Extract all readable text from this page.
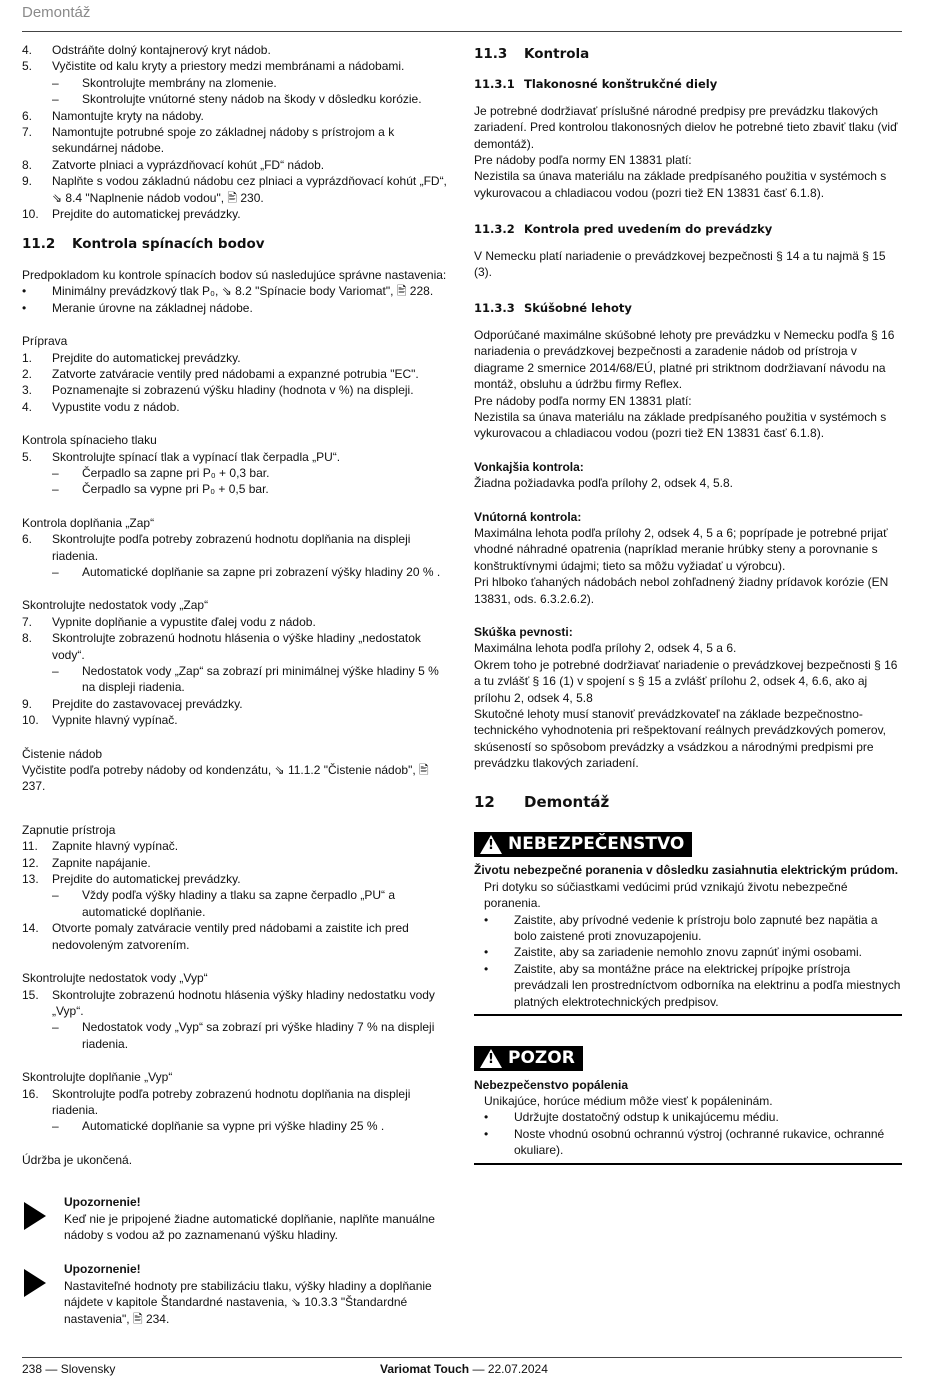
Demontáž
4.	Odstráňte dolný kontajnerový kryt nádob.
5.	Vyčistite od kalu kryty a priestory medzi membránami a nádobami.
–	Skontrolujte membrány na zlomenie.
–	Skontrolujte vnútorné steny nádob na škody v dôsledku korózie.
6.	Namontujte kryty na nádoby.
7.	Namontujte potrubné spoje zo základnej nádoby s prístrojom a k sekundárnej nádobe.
8.	Zatvorte plniaci a vyprázdňovací kohút „FD“ nádob.
9.	Naplňte s vodou základnú nádobu cez plniaci a vyprázdňovací kohút „FD“, ⇘ 8.4 "Naplnenie nádob vodou", 🖹 230.
10.	Prejdite do automatickej prevádzky.
11.2 Kontrola spínacích bodov

Predpokladom ku kontrole spínacích bodov sú nasledujúce správne nastavenia:

• Minimálny prevádzkový tlak P₀, ⇘ 8.2 "Spínacie body Variomat", 🖹 228.
• Meranie úrovne na základnej nádobe.

Príprava

1.	Prejdite do automatickej prevádzky.
2.	Zatvorte zatváracie ventily pred nádobami a expanzné potrubia "EC".
3.	Poznamenajte si zobrazenú výšku hladiny (hodnota v %) na displeji.
4.	Vypustite vodu z nádob.

Kontrola spínacieho tlaku

5.	Skontrolujte spínací tlak a vypínací tlak čerpadla „PU“.
–	Čerpadlo sa zapne pri P₀ + 0,3 bar.
–	Čerpadlo sa vypne pri P₀ + 0,5 bar.

Kontrola doplňania „Zap“

6.	Skontrolujte podľa potreby zobrazenú hodnotu doplňania na displeji riadenia.
–	Automatické doplňanie sa zapne pri zobrazení výšky hladiny 20 % .

Skontrolujte nedostatok vody „Zap“

7.	Vypnite doplňanie a vypustite ďalej vodu z nádob.
8.	Skontrolujte zobrazenú hodnotu hlásenia o výške hladiny „nedostatok vody“.
–	Nedostatok vody „Zap“ sa zobrazí pri minimálnej výške hladiny 5 % na displeji riadenia.
9.	Prejdite do zastavovacej prevádzky.
10.	Vypnite hlavný vypínač.

Čistenie nádob

Vyčistite podľa potreby nádoby od kondenzátu, ⇘ 11.1.2 "Čistenie nádob", 🖹 237.

Zapnutie prístroja

11.	Zapnite hlavný vypínač.
12.	Zapnite napájanie.
13.	Prejdite do automatickej prevádzky.
–	Vždy podľa výšky hladiny a tlaku sa zapne čerpadlo „PU“ a automatické doplňanie.
14.	Otvorte pomaly zatváracie ventily pred nádobami a zaistite ich pred nedovoleným zatvorením.

Skontrolujte nedostatok vody „Vyp“

15.	Skontrolujte zobrazenú hodnotu hlásenia výšky hladiny nedostatku vody „Vyp“.
–	Nedostatok vody „Vyp“ sa zobrazí pri výške hladiny 7 % na displeji riadenia.

Skontrolujte doplňanie „Vyp“

16.	Skontrolujte podľa potreby zobrazenú hodnotu doplňania na displeji riadenia.
–	Automatické doplňanie sa vypne pri výške hladiny 25 % .

Údržba je ukončená.

Upozornenie!
Keď nie je pripojené žiadne automatické doplňanie, naplňte manuálne nádoby s vodou až po zaznamenanú výšku hladiny.
Upozornenie!
Nastaviteľné hodnoty pre stabilizáciu tlaku, výšky hladiny a doplňanie nájdete v kapitole Štandardné nastavenia, ⇘ 10.3.3 "Štandardné nastavenia", 🖹 234.
11.3 Kontrola
11.3.1 Tlakonosné konštrukčné diely

Je potrebné dodržiavať príslušné národné predpisy pre prevádzku tlakových zariadení. Pred kontrolou tlakonosných dielov he potrebné tieto zbaviť tlaku (viď demontáž).

Pre nádoby podľa normy EN 13831 platí:

Nezistila sa únava materiálu na základe predpísaného použitia v systémoch s vykurovacou a chladiacou vodou (pozri tiež EN 13831 časť 6.1.8).

11.3.2 Kontrola pred uvedením do prevádzky

V Nemecku platí nariadenie o prevádzkovej bezpečnosti § 14 a tu najmä § 15 (3).

11.3.3 Skúšobné lehoty

Odporúčané maximálne skúšobné lehoty pre prevádzku v Nemecku podľa § 16 nariadenia o prevádzkovej bezpečnosti a zaradenie nádob od prístroja v diagrame 2 smernice 2014/68/EÚ, platné pri striktnom dodržiavaní návodu na montáž, obsluhu a údržbu firmy Reflex.

Pre nádoby podľa normy EN 13831 platí:

Nezistila sa únava materiálu na základe predpísaného použitia v systémoch s vykurovacou a chladiacou vodou (pozri tiež EN 13831 časť 6.1.8).

Vonkajšia kontrola:

Žiadna požiadavka podľa prílohy 2, odsek 4, 5.8.

Vnútorná kontrola:

Maximálna lehota podľa prílohy 2, odsek 4, 5 a 6; poprípade je potrebné prijať vhodné náhradné opatrenia (napríklad meranie hrúbky steny a porovnanie s konštruktívnymi údajmi; tieto sa môžu vyžiadať u výrobcu).

Pri hlboko ťahaných nádobách nebol zohľadnený žiadny prídavok korózie (EN 13831, ods. 6.3.2.6.2).

Skúška pevnosti:

Maximálna lehota podľa prílohy 2, odsek 4, 5 a 6.

Okrem toho je potrebné dodržiavať nariadenie o prevádzkovej bezpečnosti § 16 a tu zvlášť § 16 (1) v spojení s § 15 a zvlášť prílohu 2, odsek 4, 6.6, ako aj prílohu 2, odsek 4, 5.8

Skutočné lehoty musí stanoviť prevádzkovateľ na základe bezpečnostno-technického vyhodnotenia pri rešpektovaní reálnych prevádzkových pomerov, skúseností so spôsobom prevádzky a vsádzkou a národnými predpismi pre prevádzku tlakových zariadení.

12 Demontáž
! NEBEZPEČENSTVO
Životu nebezpečné poranenia v dôsledku zasiahnutia elektrickým prúdom.
Pri dotyku so súčiastkami vedúcimi prúd vznikajú životu nebezpečné poranenia.
• Zaistite, aby prívodné vedenie k prístroju bolo zapnuté bez napätia a bolo zaistené proti znovuzapojeniu.
• Zaistite, aby sa zariadenie nemohlo znovu zapnúť inými osobami.
• Zaistite, aby sa montážne práce na elektrickej prípojke prístroja prevádzali len prostredníctvom odborníka na elektrinu a podľa miestnych platných elektrotechnických predpisov.
! POZOR
Nebezpečenstvo popálenia
Unikajúce, horúce médium môže viesť k popáleninám.
• Udržujte dostatočný odstup k unikajúcemu médiu.
• Noste vhodnú osobnú ochrannú výstroj (ochranné rukavice, ochranné okuliare).
238 — Slovensky	Variomat Touch — 22.07.2024
